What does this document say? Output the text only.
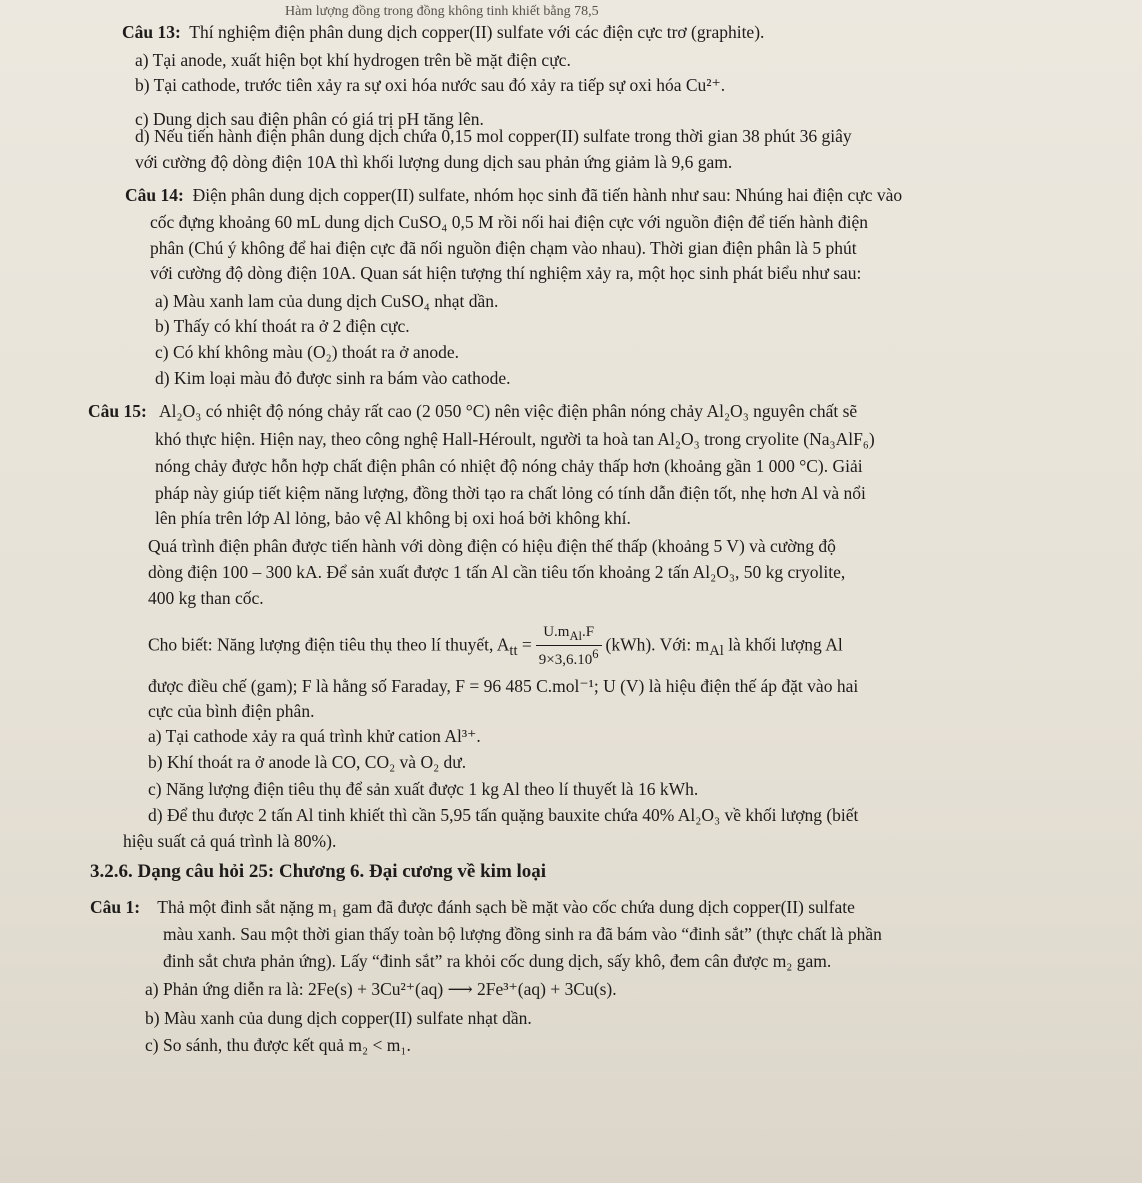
Hàm lượng đồng trong đồng không tinh khiết bằng 78,5
Câu 13: Thí nghiệm điện phân dung dịch copper(II) sulfate với các điện cực trơ (graphite).
a) Tại anode, xuất hiện bọt khí hydrogen trên bề mặt điện cực.
b) Tại cathode, trước tiên xảy ra sự oxi hóa nước sau đó xảy ra tiếp sự oxi hóa Cu²⁺.
c) Dung dịch sau điện phân có giá trị pH tăng lên.
d) Nếu tiến hành điện phân dung dịch chứa 0,15 mol copper(II) sulfate trong thời gian 38 phút 36 giây
với cường độ dòng điện 10A thì khối lượng dung dịch sau phản ứng giảm là 9,6 gam.
Câu 14: Điện phân dung dịch copper(II) sulfate, nhóm học sinh đã tiến hành như sau: Nhúng hai điện cực vào
cốc đựng khoảng 60 mL dung dịch CuSO₄ 0,5 M rồi nối hai điện cực với nguồn điện để tiến hành điện
phân (Chú ý không để hai điện cực đã nối nguồn điện chạm vào nhau). Thời gian điện phân là 5 phút
với cường độ dòng điện 10A. Quan sát hiện tượng thí nghiệm xảy ra, một học sinh phát biểu như sau:
a) Màu xanh lam của dung dịch CuSO₄ nhạt dần.
b) Thấy có khí thoát ra ở 2 điện cực.
c) Có khí không màu (O₂) thoát ra ở anode.
d) Kim loại màu đỏ được sinh ra bám vào cathode.
Câu 15: Al₂O₃ có nhiệt độ nóng chảy rất cao (2 050 °C) nên việc điện phân nóng chảy Al₂O₃ nguyên chất sẽ
khó thực hiện. Hiện nay, theo công nghệ Hall-Héroult, người ta hoà tan Al₂O₃ trong cryolite (Na₃AlF₆)
nóng chảy được hỗn hợp chất điện phân có nhiệt độ nóng chảy thấp hơn (khoảng gần 1 000 °C). Giải
pháp này giúp tiết kiệm năng lượng, đồng thời tạo ra chất lỏng có tính dẫn điện tốt, nhẹ hơn Al và nổi
lên phía trên lớp Al lỏng, bảo vệ Al không bị oxi hoá bởi không khí.
Quá trình điện phân được tiến hành với dòng điện có hiệu điện thế thấp (khoảng 5 V) và cường độ
dòng điện 100 – 300 kA. Để sản xuất được 1 tấn Al cần tiêu tốn khoảng 2 tấn Al₂O₃, 50 kg cryolite,
400 kg than cốc.
Cho biết: Năng lượng điện tiêu thụ theo lí thuyết, $A_{tt} = \frac{U.m_{Al}.F}{9\times 3,6.10^6} (kWh)$. Với: $m_{Al}$ là khối lượng Al
được điều chế (gam); F là hằng số Faraday, F = 96 485 C.mol⁻¹; U (V) là hiệu điện thế áp đặt vào hai
cực của bình điện phân.
a) Tại cathode xảy ra quá trình khử cation Al³⁺.
b) Khí thoát ra ở anode là CO, CO₂ và O₂ dư.
c) Năng lượng điện tiêu thụ để sản xuất được 1 kg Al theo lí thuyết là 16 kWh.
d) Để thu được 2 tấn Al tinh khiết thì cần 5,95 tấn quặng bauxite chứa 40% Al₂O₃ về khối lượng (biết
hiệu suất cả quá trình là 80%).
3.2.6. Dạng câu hỏi 25: Chương 6. Đại cương về kim loại
Câu 1: Thả một đinh sắt nặng m₁ gam đã được đánh sạch bề mặt vào cốc chứa dung dịch copper(II) sulfate
màu xanh. Sau một thời gian thấy toàn bộ lượng đồng sinh ra đã bám vào “đinh sắt” (thực chất là phần
đinh sắt chưa phản ứng). Lấy “đinh sắt” ra khỏi cốc dung dịch, sấy khô, đem cân được m₂ gam.
a) Phản ứng diễn ra là: 2Fe(s) + 3Cu²⁺(aq) ⟶ 2Fe³⁺(aq) + 3Cu(s).
b) Màu xanh của dung dịch copper(II) sulfate nhạt dần.
c) So sánh, thu được kết quả m₂ < m₁.
